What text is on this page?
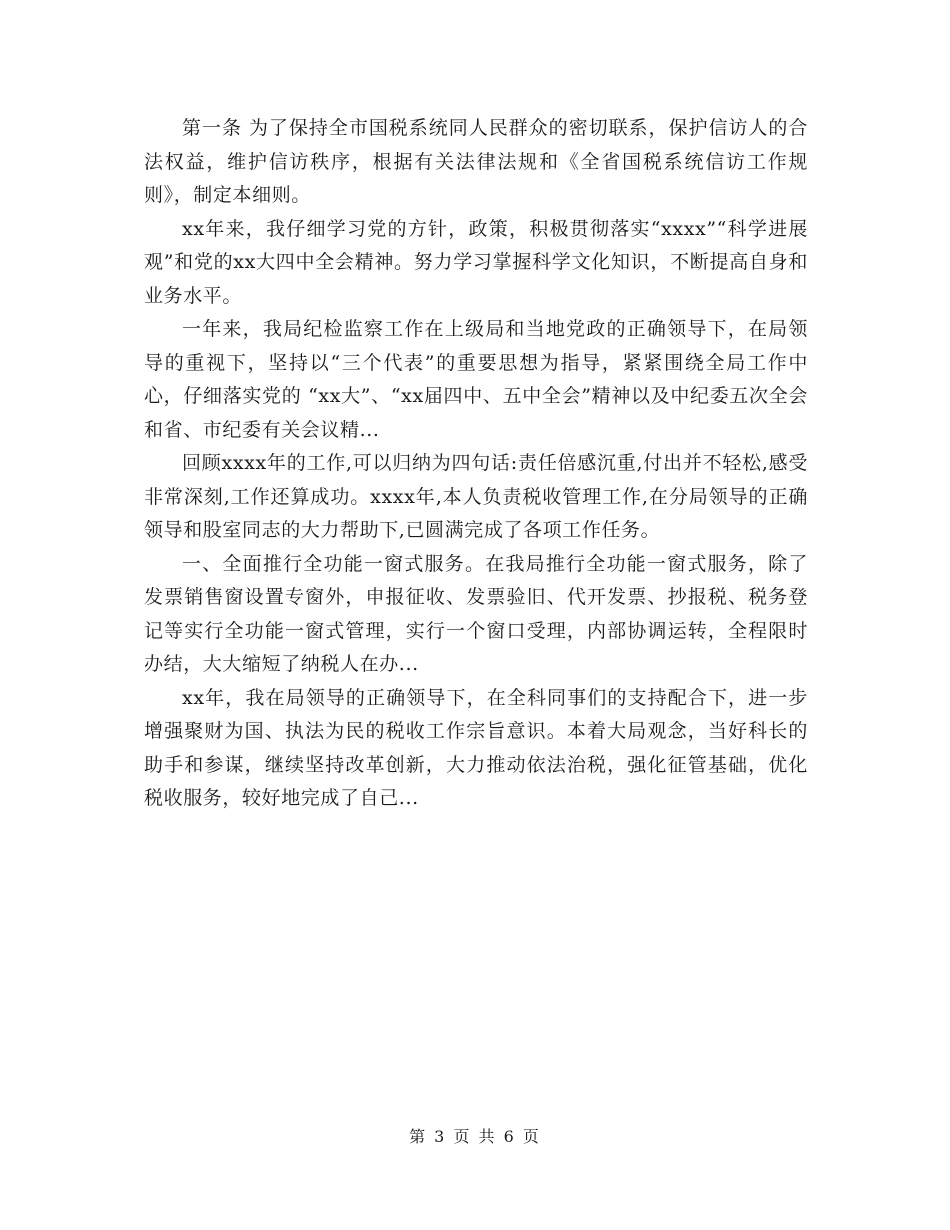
第一条 为了保持全市国税系统同人民群众的密切联系，保护信访人的合法权益，维护信访秩序，根据有关法律法规和《全省国税系统信访工作规则》，制定本细则。

xx年来，我仔细学习党的方针，政策，积极贯彻落实“xxxx”“科学进展观”和党的xx大四中全会精神。努力学习掌握科学文化知识，不断提高自身和业务水平。

一年来，我局纪检监察工作在上级局和当地党政的正确领导下，在局领导的重视下，坚持以“三个代表”的重要思想为指导，紧紧围绕全局工作中心，仔细落实党的 “xx大”、“xx届四中、五中全会”精神以及中纪委五次全会和省、市纪委有关会议精...

回顾xxxx年的工作,可以归纳为四句话:责任倍感沉重,付出并不轻松,感受非常深刻,工作还算成功。xxxx年,本人负责税收管理工作,在分局领导的正确领导和股室同志的大力帮助下,已圆满完成了各项工作任务。

一、全面推行全功能一窗式服务。在我局推行全功能一窗式服务，除了发票销售窗设置专窗外，申报征收、发票验旧、代开发票、抄报税、税务登记等实行全功能一窗式管理，实行一个窗口受理，内部协调运转，全程限时办结，大大缩短了纳税人在办...

xx年，我在局领导的正确领导下，在全科同事们的支持配合下，进一步增强聚财为国、执法为民的税收工作宗旨意识。本着大局观念，当好科长的助手和参谋，继续坚持改革创新，大力推动依法治税，强化征管基础，优化税收服务，较好地完成了自己...

第 3 页 共 6 页
